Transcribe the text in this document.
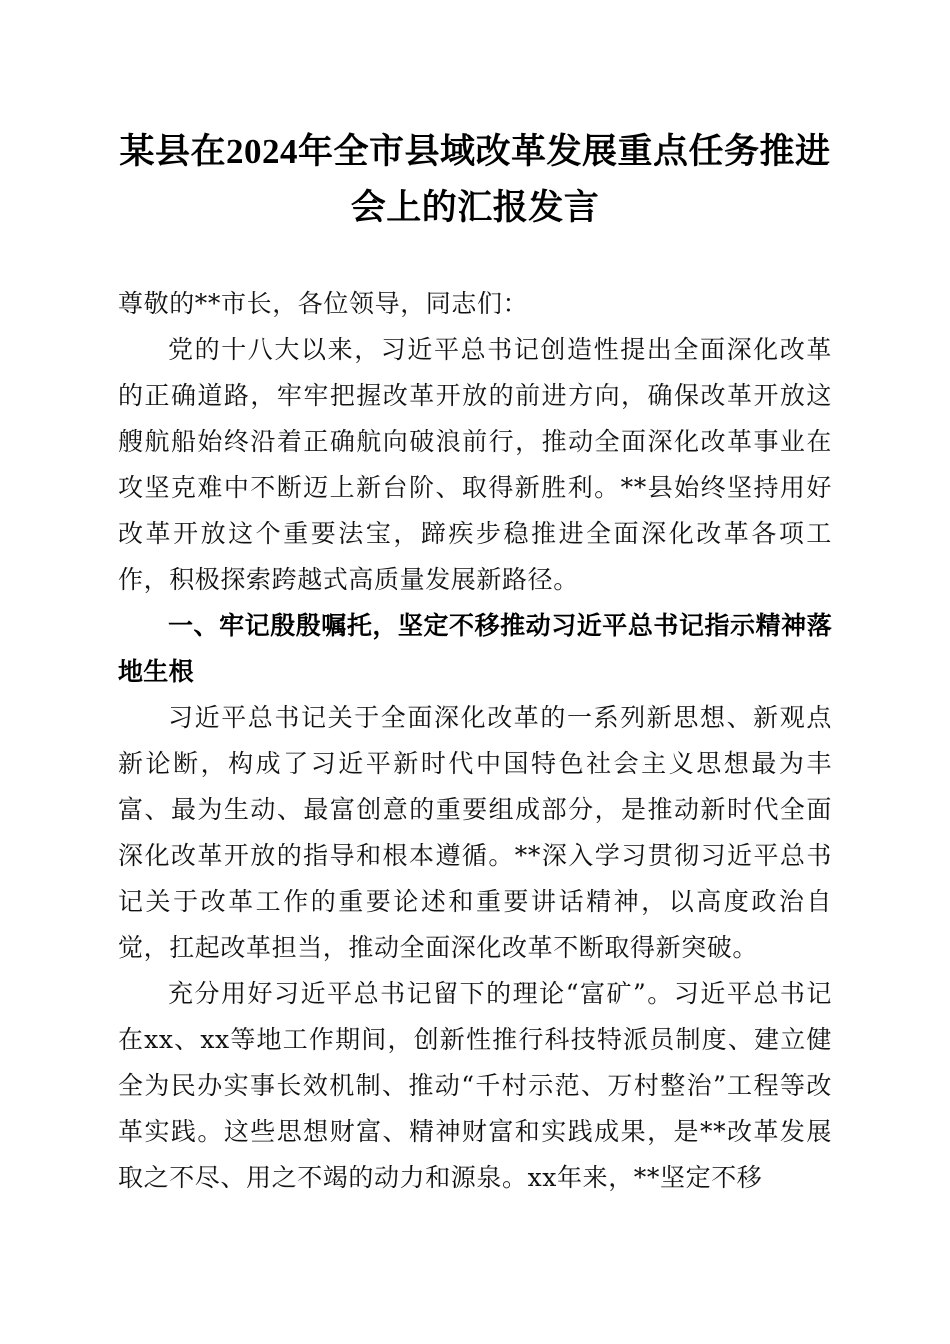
某县在2024年全市县域改革发展重点任务推进会上的汇报发言

尊敬的**市长，各位领导，同志们：

党的十八大以来，习近平总书记创造性提出全面深化改革的正确道路，牢牢把握改革开放的前进方向，确保改革开放这艘航船始终沿着正确航向破浪前行，推动全面深化改革事业在攻坚克难中不断迈上新台阶、取得新胜利。**县始终坚持用好改革开放这个重要法宝，蹄疾步稳推进全面深化改革各项工作，积极探索跨越式高质量发展新路径。

一、牢记殷殷嘱托，坚定不移推动习近平总书记指示精神落地生根

习近平总书记关于全面深化改革的一系列新思想、新观点新论断，构成了习近平新时代中国特色社会主义思想最为丰富、最为生动、最富创意的重要组成部分，是推动新时代全面深化改革开放的指导和根本遵循。**深入学习贯彻习近平总书记关于改革工作的重要论述和重要讲话精神，以高度政治自觉，扛起改革担当，推动全面深化改革不断取得新突破。

充分用好习近平总书记留下的理论“富矿”。习近平总书记在xx、xx等地工作期间，创新性推行科技特派员制度、建立健全为民办实事长效机制、推动“千村示范、万村整治”工程等改革实践。这些思想财富、精神财富和实践成果，是**改革发展取之不尽、用之不竭的动力和源泉。xx年来，**坚定不移
